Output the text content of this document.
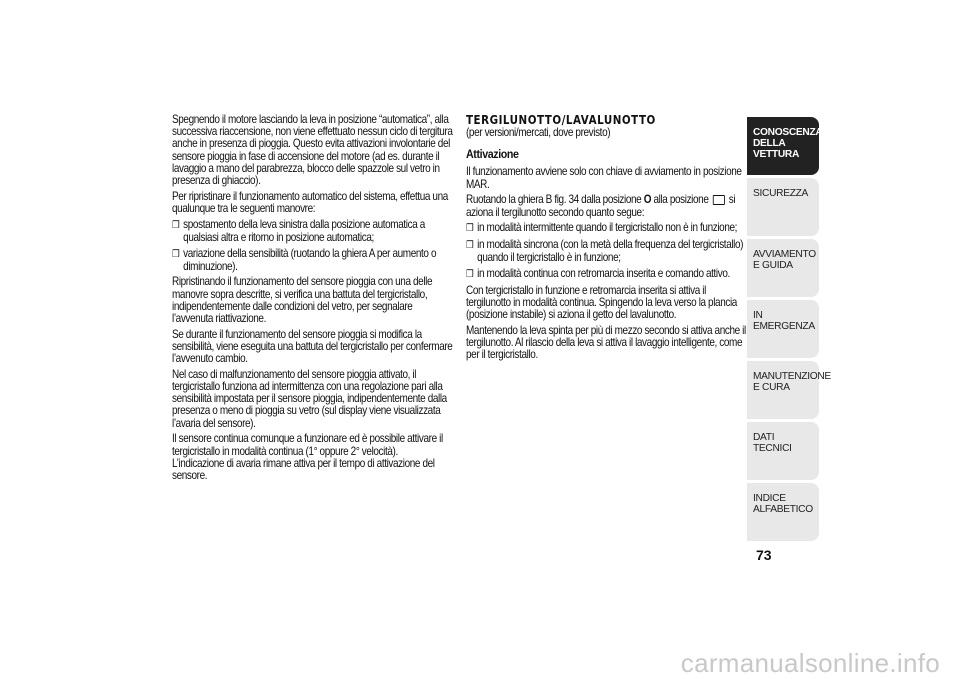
Spegnendo il motore lasciando la leva in posizione “automatica”, alla successiva riaccensione, non viene effettuato nessun ciclo di tergitura anche in presenza di pioggia. Questo evita attivazioni involontarie del sensore pioggia in fase di accensione del motore (ad es. durante il lavaggio a mano del parabrezza, blocco delle spazzole sul vetro in presenza di ghiaccio).

Per ripristinare il funzionamento automatico del sistema, effettua una qualunque tra le seguenti manovre:

❒ spostamento della leva sinistra dalla posizione automatica a qualsiasi altra e ritorno in posizione automatica;

❒ variazione della sensibilità (ruotando la ghiera A per aumento o diminuzione).

Ripristinando il funzionamento del sensore pioggia con una delle manovre sopra descritte, si verifica una battuta del tergicristallo, indipendentemente dalle condizioni del vetro, per segnalare l’avvenuta riattivazione.

Se durante il funzionamento del sensore pioggia si modifica la sensibilità, viene eseguita una battuta del tergicristallo per confermare l’avvenuto cambio.

Nel caso di malfunzionamento del sensore pioggia attivato, il tergicristallo funziona ad intermittenza con una regolazione pari alla sensibilità impostata per il sensore pioggia, indipendentemente dalla presenza o meno di pioggia su vetro (sul display viene visualizzata l’avaria del sensore).

Il sensore continua comunque a funzionare ed è possibile attivare il tergicristallo in modalità continua (1° oppure 2° velocità).

L’indicazione di avaria rimane attiva per il tempo di attivazione del sensore.

TERGILUNOTTO/LAVALUNOTTO

(per versioni/mercati, dove previsto)

Attivazione

Il funzionamento avviene solo con chiave di avviamento in posizione MAR.

Ruotando la ghiera B fig. 34 dalla posizione O alla posizione  si aziona il tergilunotto secondo quanto segue:

❒ in modalità intermittente quando il tergicristallo non è in funzione;

❒ in modalità sincrona (con la metà della frequenza del tergicristallo) quando il tergicristallo è in funzione;

❒ in modalità continua con retromarcia inserita e comando attivo.

Con tergicristallo in funzione e retromarcia inserita si attiva il tergilunotto in modalità continua. Spingendo la leva verso la plancia (posizione instabile) si aziona il getto del lavalunotto.

Mantenendo la leva spinta per più di mezzo secondo si attiva anche il tergilunotto. Al rilascio della leva si attiva il lavaggio intelligente, come per il tergicristallo.

CONOSCENZA DELLA VETTURA
SICUREZZA
AVVIAMENTO E GUIDA
IN EMERGENZA
MANUTENZIONE E CURA
DATI TECNICI
INDICE ALFABETICO
73
carmanualsonline.info
